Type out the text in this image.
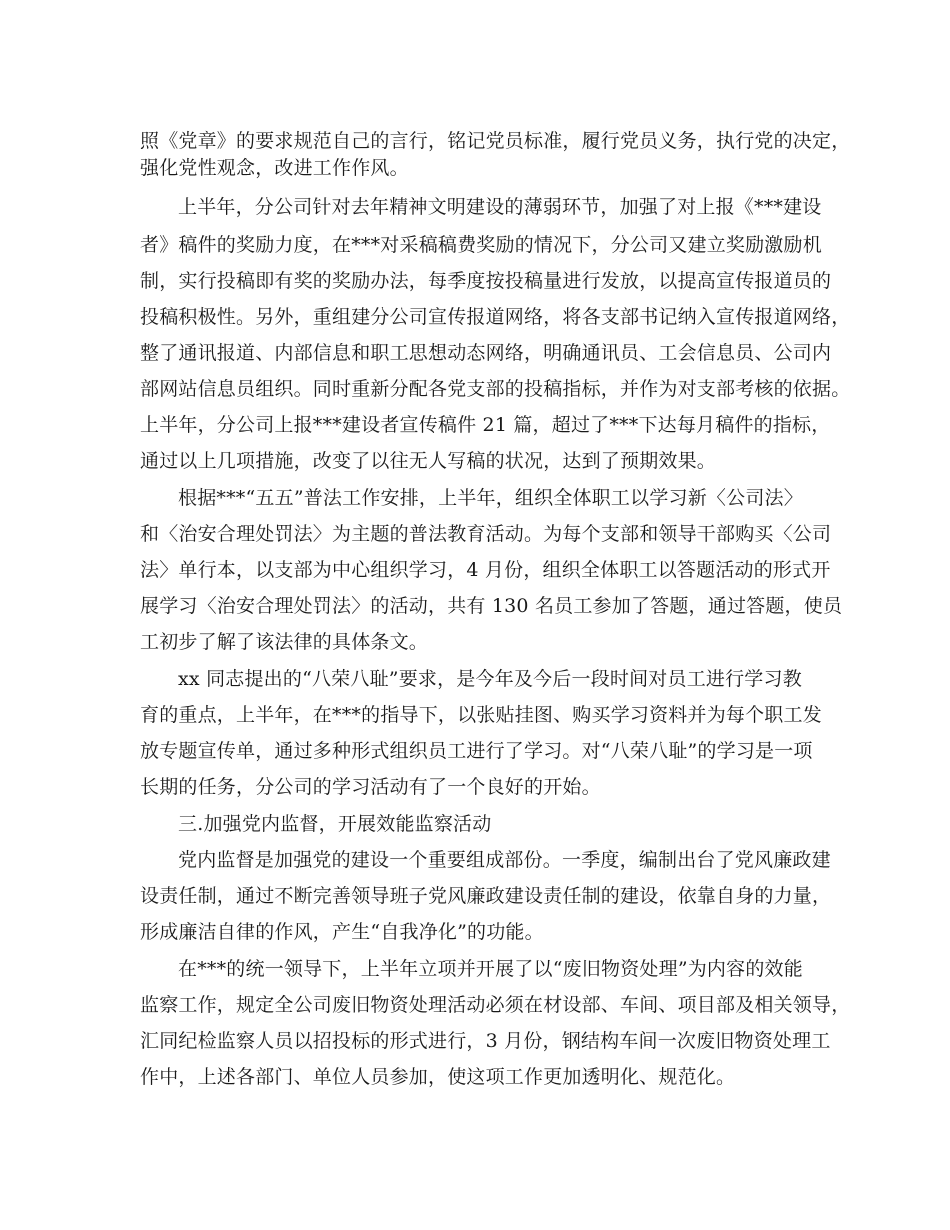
照《党章》的要求规范自己的言行，铭记党员标准，履行党员义务，执行党的决定，
强化党性观念，改进工作作风。
上半年，分公司针对去年精神文明建设的薄弱环节，加强了对上报《***建设
者》稿件的奖励力度，在***对采稿稿费奖励的情况下，分公司又建立奖励激励机
制，实行投稿即有奖的奖励办法，每季度按投稿量进行发放，以提高宣传报道员的
投稿积极性。另外，重组建分公司宣传报道网络，将各支部书记纳入宣传报道网络，
整了通讯报道、内部信息和职工思想动态网络，明确通讯员、工会信息员、公司内
部网站信息员组织。同时重新分配各党支部的投稿指标，并作为对支部考核的依据。
上半年，分公司上报***建设者宣传稿件 21 篇，超过了***下达每月稿件的指标，
通过以上几项措施，改变了以往无人写稿的状况，达到了预期效果。
根据***“五五”普法工作安排，上半年，组织全体职工以学习新〈公司法〉
和〈治安合理处罚法〉为主题的普法教育活动。为每个支部和领导干部购买〈公司
法〉单行本，以支部为中心组织学习，4 月份，组织全体职工以答题活动的形式开
展学习〈治安合理处罚法〉的活动，共有 130 名员工参加了答题，通过答题，使员
工初步了解了该法律的具体条文。
xx 同志提出的“八荣八耻”要求，是今年及今后一段时间对员工进行学习教
育的重点，上半年，在***的指导下，以张贴挂图、购买学习资料并为每个职工发
放专题宣传单，通过多种形式组织员工进行了学习。对“八荣八耻”的学习是一项
长期的任务，分公司的学习活动有了一个良好的开始。
三.加强党内监督，开展效能监察活动
党内监督是加强党的建设一个重要组成部份。一季度，编制出台了党风廉政建
设责任制，通过不断完善领导班子党风廉政建设责任制的建设，依靠自身的力量，
形成廉洁自律的作风，产生“自我净化”的功能。
在***的统一领导下，上半年立项并开展了以“废旧物资处理”为内容的效能
监察工作，规定全公司废旧物资处理活动必须在材设部、车间、项目部及相关领导，
汇同纪检监察人员以招投标的形式进行，3 月份，钢结构车间一次废旧物资处理工
作中，上述各部门、单位人员参加，使这项工作更加透明化、规范化。
